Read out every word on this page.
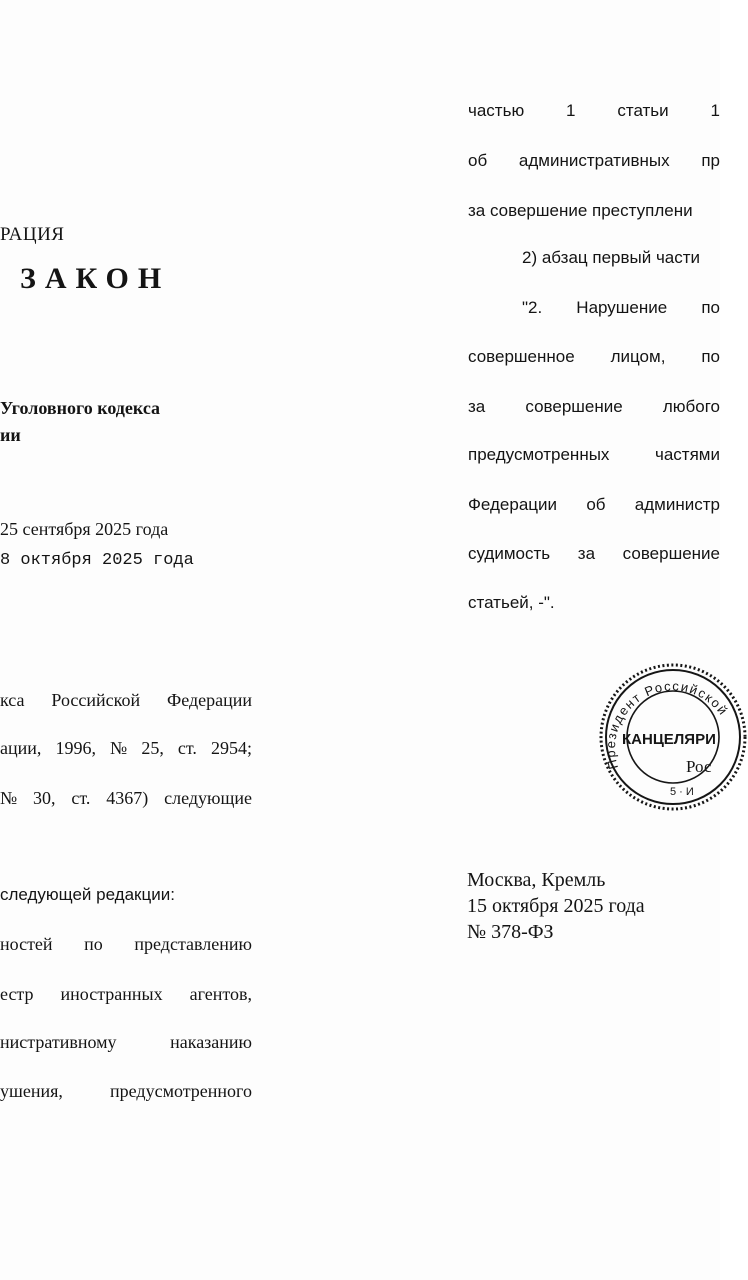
РАЦИЯ
ЗАКОН
Уголовного кодекса
ии
25 сентября 2025 года
8 октября 2025 года
кса Российской Федерации
ации, 1996, № 25, ст. 2954;
№ 30, ст. 4367) следующие
следующей редакции:
ностей по представлению
естр иностранных агентов,
нистративному	наказанию
ушения,	предусмотренного
частью 1 статьи 1
об административных пр
за совершение преступлени
2) абзац первый части
"2. Нарушение по
совершенное лицом, по
за совершение любого
предусмотренных	частями
Федерации об администр
судимость за совершение
статьей, -".
Москва, Кремль
15 октября 2025 года
№ 378-ФЗ
Президент Российской
КАНЦЕЛЯРИ
Рос
5 · И
